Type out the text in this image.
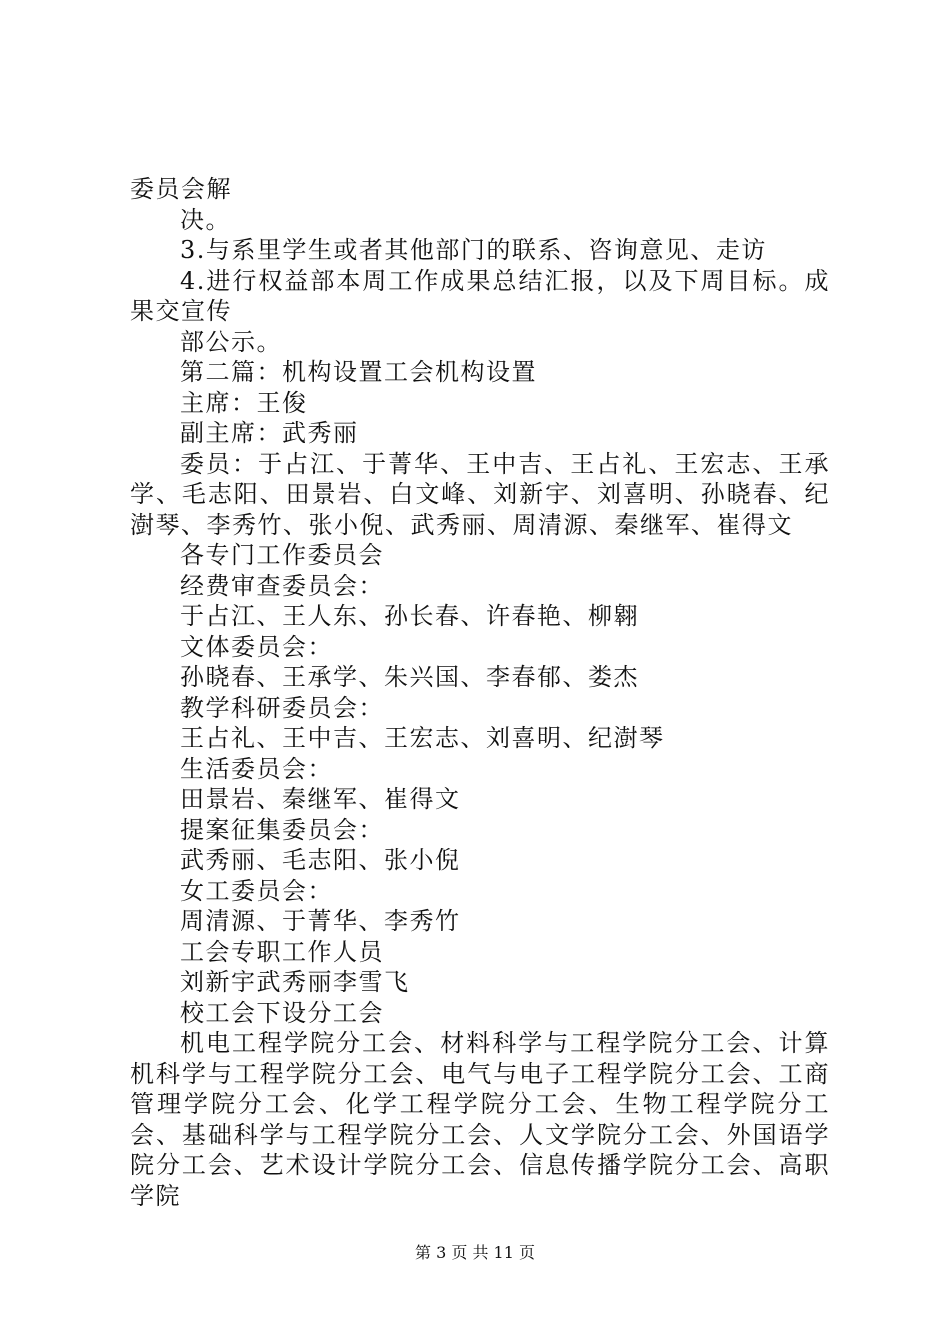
委员会解
决。
3.与系里学生或者其他部门的联系、咨询意见、走访
4.进行权益部本周工作成果总结汇报，以及下周目标。成果交宣传
部公示。
第二篇：机构设置工会机构设置
主席：王俊
副主席：武秀丽
委员：于占江、于菁华、王中吉、王占礼、王宏志、王承学、毛志阳、田景岩、白文峰、刘新宇、刘喜明、孙晓春、纪澍琴、李秀竹、张小倪、武秀丽、周清源、秦继军、崔得文
各专门工作委员会
经费审查委员会：
于占江、王人东、孙长春、许春艳、柳翱
文体委员会：
孙晓春、王承学、朱兴国、李春郁、娄杰
教学科研委员会：
王占礼、王中吉、王宏志、刘喜明、纪澍琴
生活委员会：
田景岩、秦继军、崔得文
提案征集委员会：
武秀丽、毛志阳、张小倪
女工委员会：
周清源、于菁华、李秀竹
工会专职工作人员
刘新宇武秀丽李雪飞
校工会下设分工会
机电工程学院分工会、材料科学与工程学院分工会、计算机科学与工程学院分工会、电气与电子工程学院分工会、工商管理学院分工会、化学工程学院分工会、生物工程学院分工会、基础科学与工程学院分工会、人文学院分工会、外国语学院分工会、艺术设计学院分工会、信息传播学院分工会、高职学院
第 3 页 共 11 页
